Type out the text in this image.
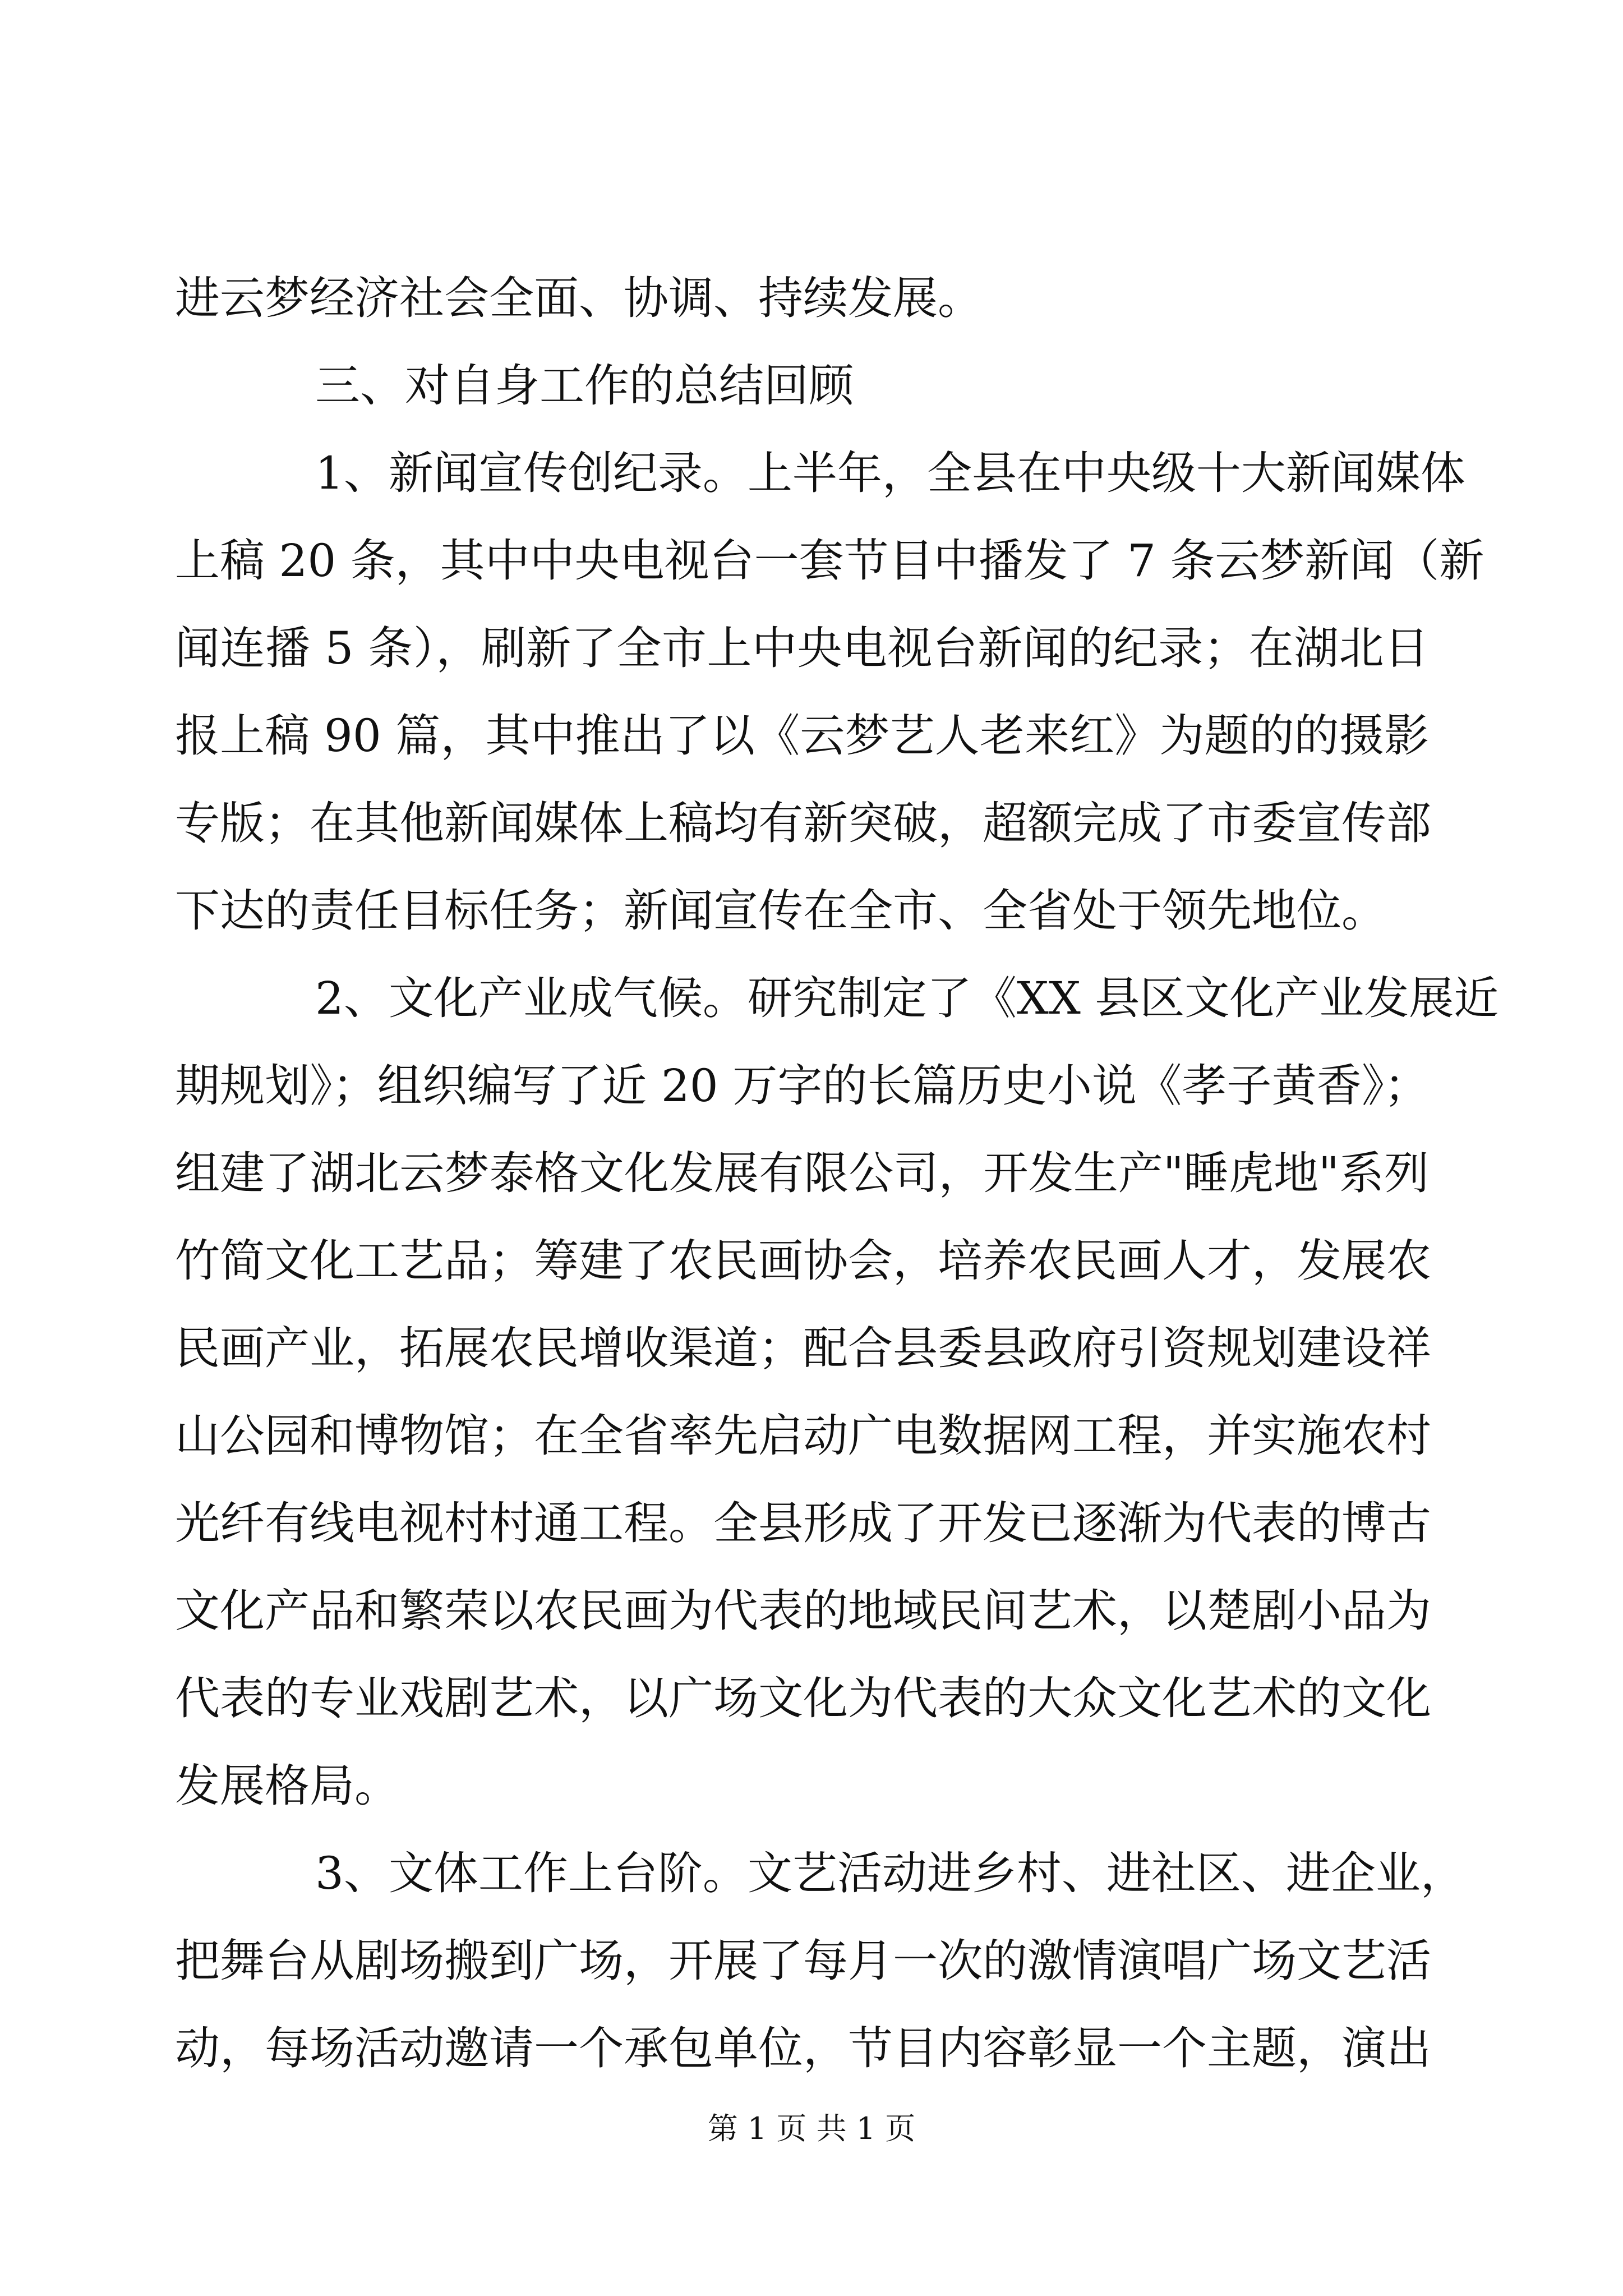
进云梦经济社会全面、协调、持续发展。
三、对自身工作的总结回顾
1、新闻宣传创纪录。上半年，全县在中央级十大新闻媒体
上稿 20 条，其中中央电视台一套节目中播发了 7 条云梦新闻（新
闻连播 5 条），刷新了全市上中央电视台新闻的纪录；在湖北日
报上稿 90 篇，其中推出了以《云梦艺人老来红》为题的的摄影
专版；在其他新闻媒体上稿均有新突破，超额完成了市委宣传部
下达的责任目标任务；新闻宣传在全市、全省处于领先地位。
2、文化产业成气候。研究制定了《XX 县区文化产业发展近
期规划》；组织编写了近 20 万字的长篇历史小说《孝子黄香》；
组建了湖北云梦泰格文化发展有限公司，开发生产"睡虎地"系列
竹简文化工艺品；筹建了农民画协会，培养农民画人才，发展农
民画产业，拓展农民增收渠道；配合县委县政府引资规划建设祥
山公园和博物馆；在全省率先启动广电数据网工程，并实施农村
光纤有线电视村村通工程。全县形成了开发已逐渐为代表的博古
文化产品和繁荣以农民画为代表的地域民间艺术，以楚剧小品为
代表的专业戏剧艺术，以广场文化为代表的大众文化艺术的文化
发展格局。
3、文体工作上台阶。文艺活动进乡村、进社区、进企业，
把舞台从剧场搬到广场，开展了每月一次的激情演唱广场文艺活
动，每场活动邀请一个承包单位，节目内容彰显一个主题，演出
第 1 页 共 1 页
